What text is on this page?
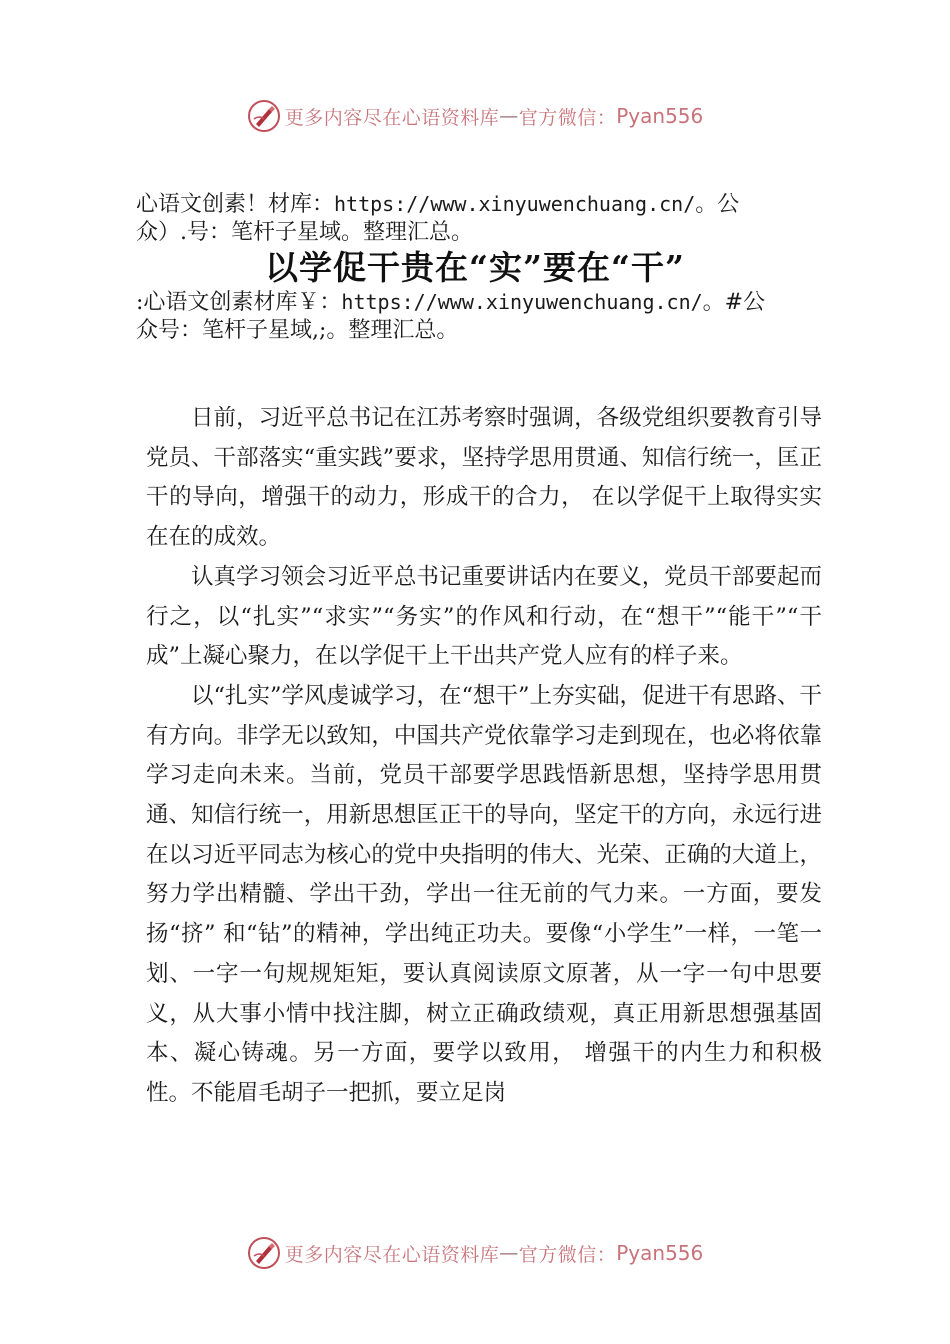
更多内容尽在心语资料库 — 官方微信： Pyan556
心语文创素！材库：https://www.xinyuwenchuang.cn/。公
众）.号：笔杆子星域。整理汇总。
以学促干贵在“实”要在“干”
:心语文创素材库￥：https://www.xinyuwenchuang.cn/。#公
众号：笔杆子星域,;。整理汇总。

日前，习近平总书记在江苏考察时强调，各级党组织要教育引导党员、干部落实“重实践”要求，坚持学思用贯通、知信行统一，匡正干的导向，增强干的动力，形成干的合力， 在以学促干上取得实实在在的成效。

认真学习领会习近平总书记重要讲话内在要义，党员干部要起而行之，以“扎实”“求实”“务实”的作风和行动，在“想干”“能干”“干成”上凝心聚力，在以学促干上干出共产党人应有的样子来。

以“扎实”学风虔诚学习，在“想干”上夯实础，促进干有思路、干有方向。非学无以致知，中国共产党依靠学习走到现在，也必将依靠学习走向未来。当前，党员干部要学思践悟新思想，坚持学思用贯通、知信行统一，用新思想匡正干的导向，坚定干的方向，永远行进在以习近平同志为核心的党中央指明的伟大、光荣、正确的大道上，努力学出精髓、学出干劲，学出一往无前的气力来。一方面，要发扬“挤” 和“钻”的精神，学出纯正功夫。要像“小学生”一样，一笔一划、一字一句规规矩矩，要认真阅读原文原著，从一字一句中思要义，从大事小情中找注脚，树立正确政绩观，真正用新思想强基固本、凝心铸魂。另一方面，要学以致用， 增强干的内生力和积极性。不能眉毛胡子一把抓，要立足岗

更多内容尽在心语资料库 — 官方微信： Pyan556
